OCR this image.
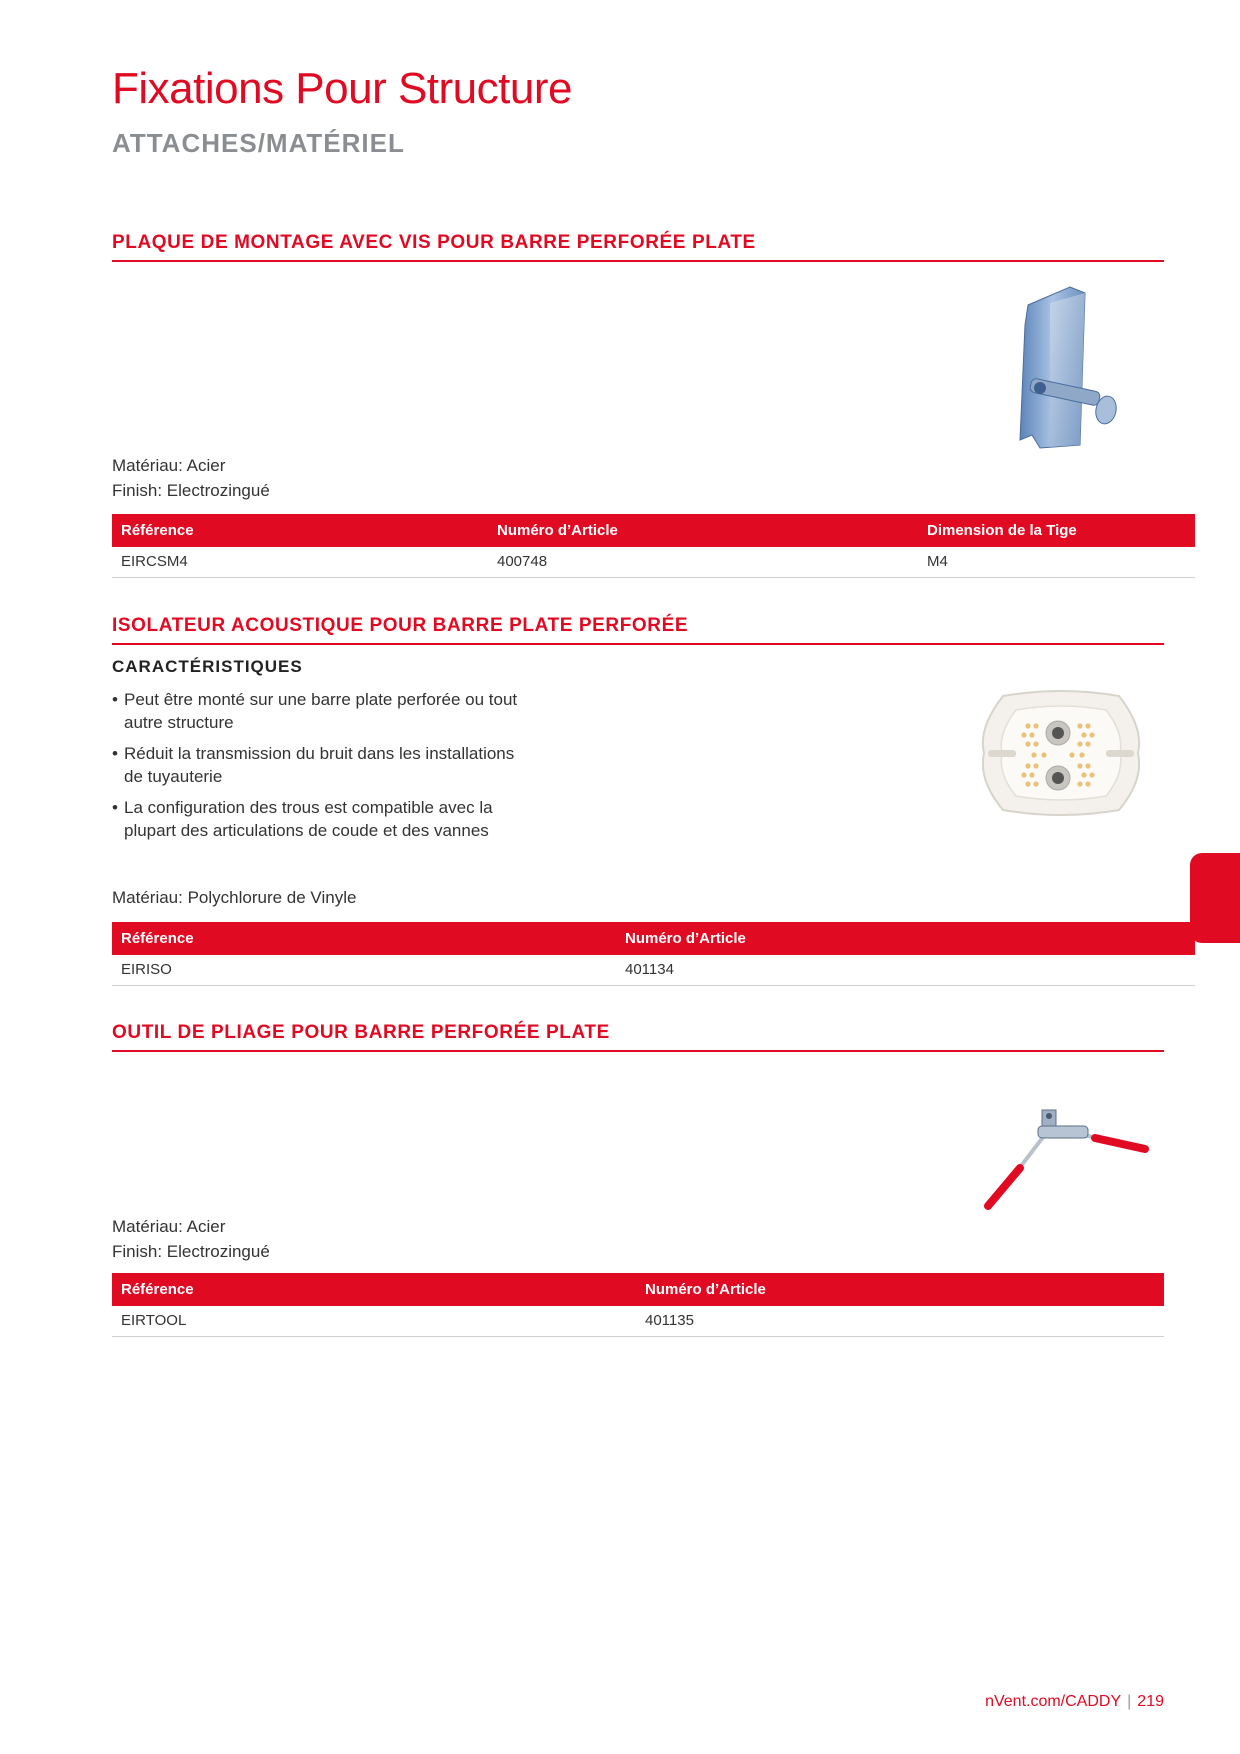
Fixations Pour Structure
ATTACHES/MATÉRIEL
PLAQUE DE MONTAGE AVEC VIS POUR BARRE PERFORÉE PLATE
Matériau: Acier
Finish: Electrozingué
Référence	Numéro d’Article	Dimension de la Tige
EIRCSM4	400748	M4
ISOLATEUR ACOUSTIQUE POUR BARRE PLATE PERFORÉE
CARACTÉRISTIQUES
• Peut être monté sur une barre plate perforée ou tout autre structure
• Réduit la transmission du bruit dans les installations de tuyauterie
• La configuration des trous est compatible avec la plupart des articulations de coude et des vannes
Matériau: Polychlorure de Vinyle
Référence	Numéro d’Article
EIRISO	401134
OUTIL DE PLIAGE POUR BARRE PERFORÉE PLATE
Matériau: Acier
Finish: Electrozingué
Référence	Numéro d’Article
EIRTOOL	401135
nVent.com/CADDY | 219
